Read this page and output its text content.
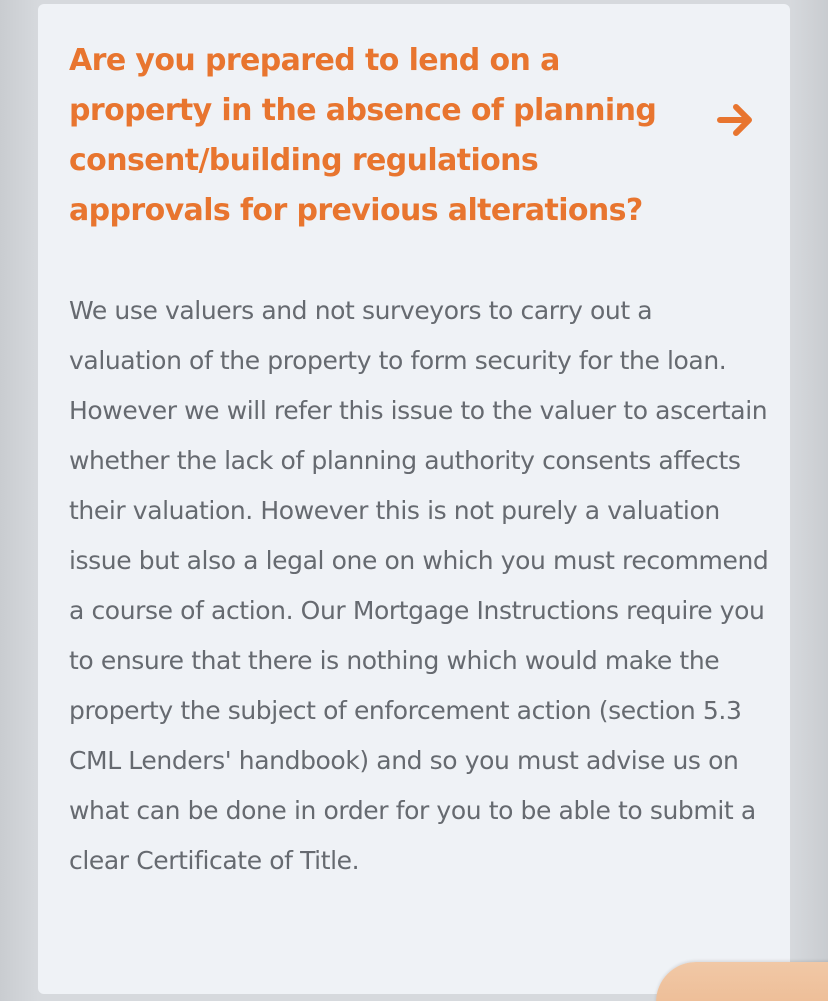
Are you prepared to lend on a property in the absence of planning consent/building regulations approvals for previous alterations?

We use valuers and not surveyors to carry out a valuation of the property to form security for the loan. However we will refer this issue to the valuer to ascertain whether the lack of planning authority consents affects their valuation. However this is not purely a valuation issue but also a legal one on which you must recommend a course of action. Our Mortgage Instructions require you to ensure that there is nothing which would make the property the subject of enforcement action (section 5.3 CML Lenders' handbook) and so you must advise us on what can be done in order for you to be able to submit a clear Certificate of Title.
